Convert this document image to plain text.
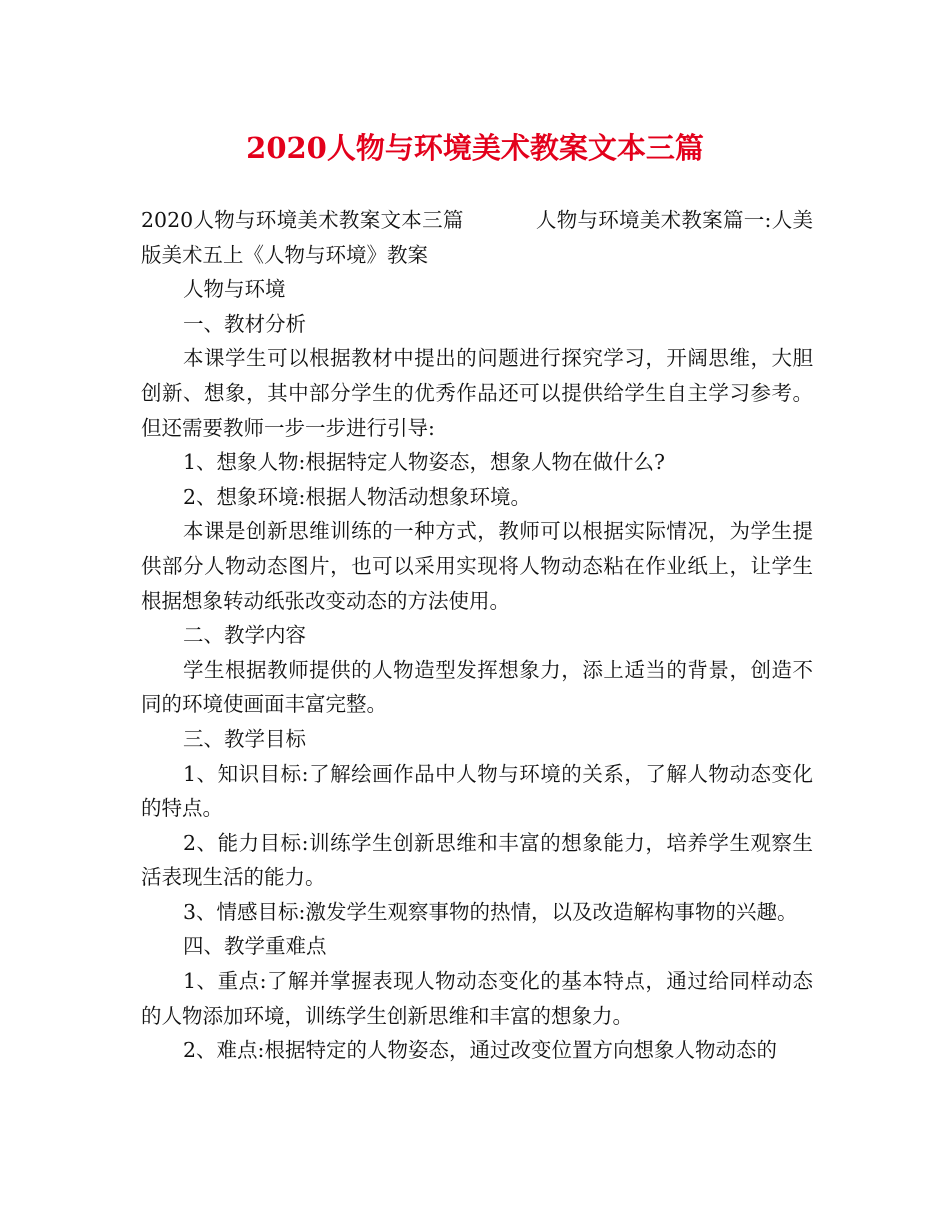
2020人物与环境美术教案文本三篇

2020人物与环境美术教案文本三篇	人物与环境美术教案篇一:人美版美术五上《人物与环境》教案

人物与环境

一、教材分析

本课学生可以根据教材中提出的问题进行探究学习，开阔思维，大胆创新、想象，其中部分学生的优秀作品还可以提供给学生自主学习参考。但还需要教师一步一步进行引导:

1、想象人物:根据特定人物姿态，想象人物在做什么?

2、想象环境:根据人物活动想象环境。

本课是创新思维训练的一种方式，教师可以根据实际情况，为学生提供部分人物动态图片，也可以采用实现将人物动态粘在作业纸上，让学生根据想象转动纸张改变动态的方法使用。

二、教学内容

学生根据教师提供的人物造型发挥想象力，添上适当的背景，创造不同的环境使画面丰富完整。

三、教学目标

1、知识目标:了解绘画作品中人物与环境的关系，了解人物动态变化的特点。

2、能力目标:训练学生创新思维和丰富的想象能力，培养学生观察生活表现生活的能力。

3、情感目标:激发学生观察事物的热情，以及改造解构事物的兴趣。

四、教学重难点

1、重点:了解并掌握表现人物动态变化的基本特点，通过给同样动态的人物添加环境，训练学生创新思维和丰富的想象力。

2、难点:根据特定的人物姿态，通过改变位置方向想象人物动态的
